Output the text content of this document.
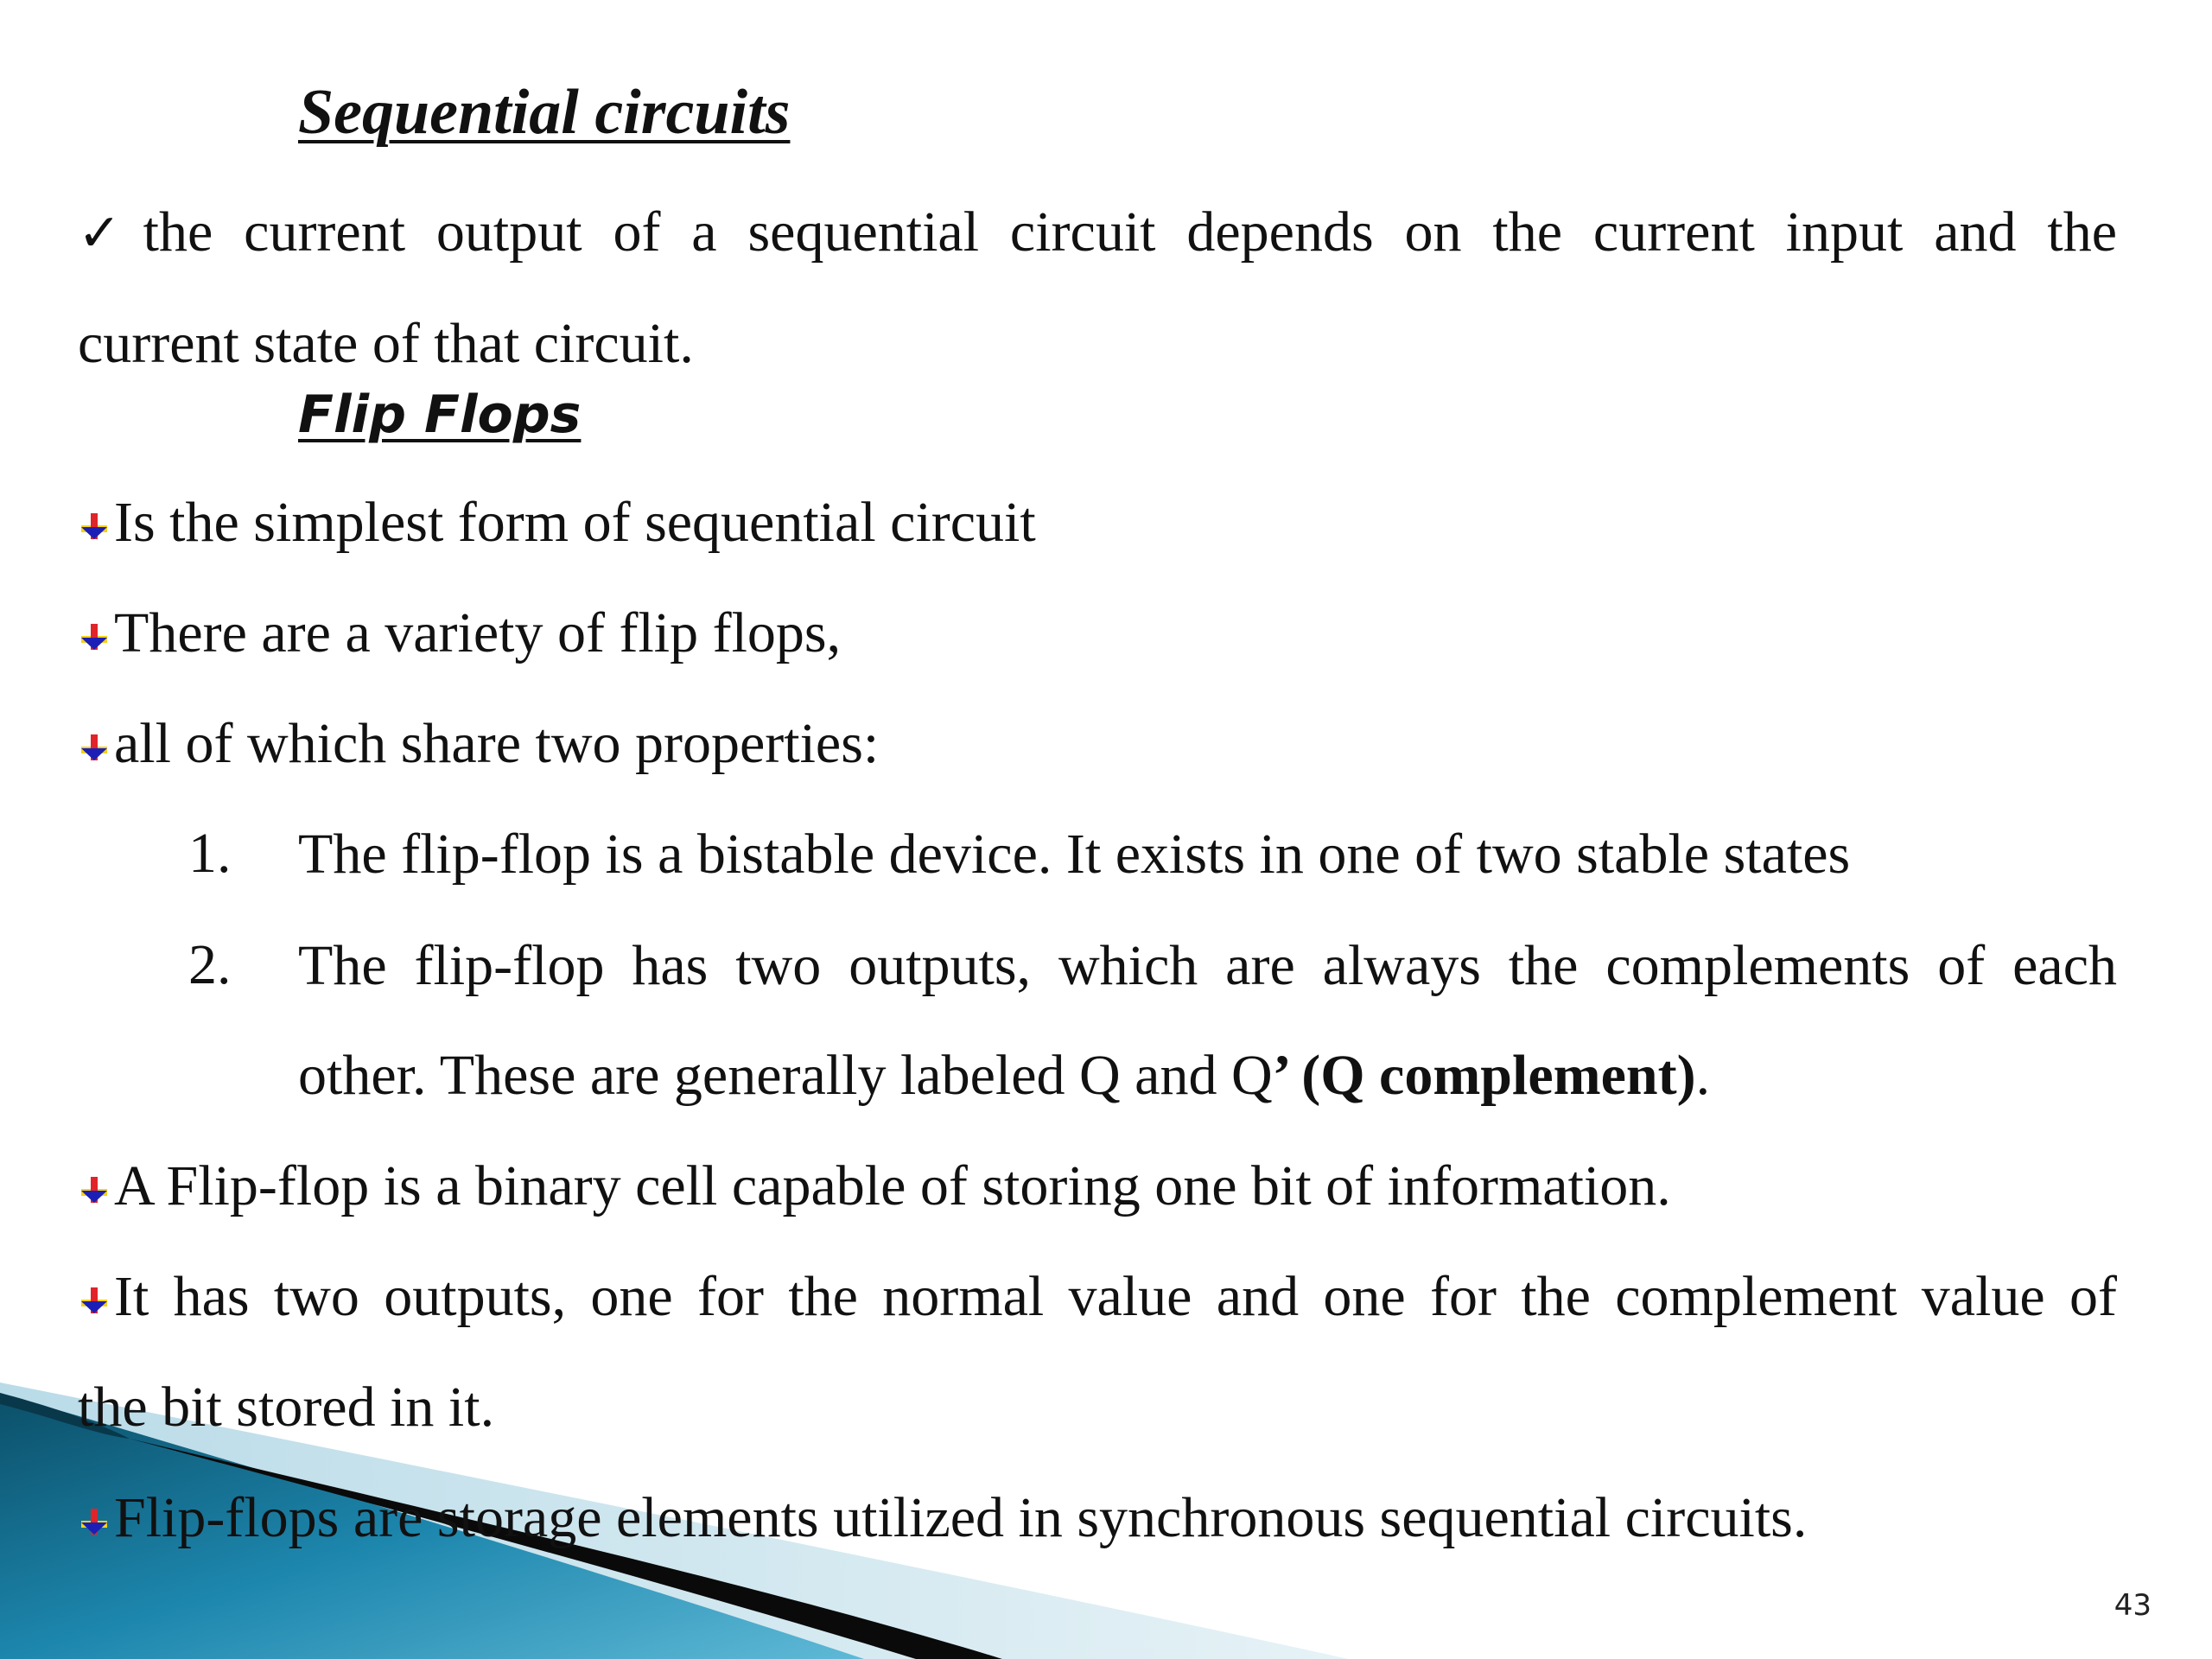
Sequential circuits
✓the current output of a sequential circuit depends on the current input and the
current state of that circuit.
Flip Flops
Is the simplest form of sequential circuit
There are a variety of flip flops,
all of which share two properties:
1. The flip-flop is a bistable device. It exists in one of two stable states
2. The flip-flop has two outputs, which are always the complements of each
other. These are generally labeled Q and Q’ (Q complement).
A Flip-flop is a binary cell capable of storing one bit of information.
It has two outputs, one for the normal value and one for the complement value of
the bit stored in it.
Flip-flops are storage elements utilized in synchronous sequential circuits.
43
